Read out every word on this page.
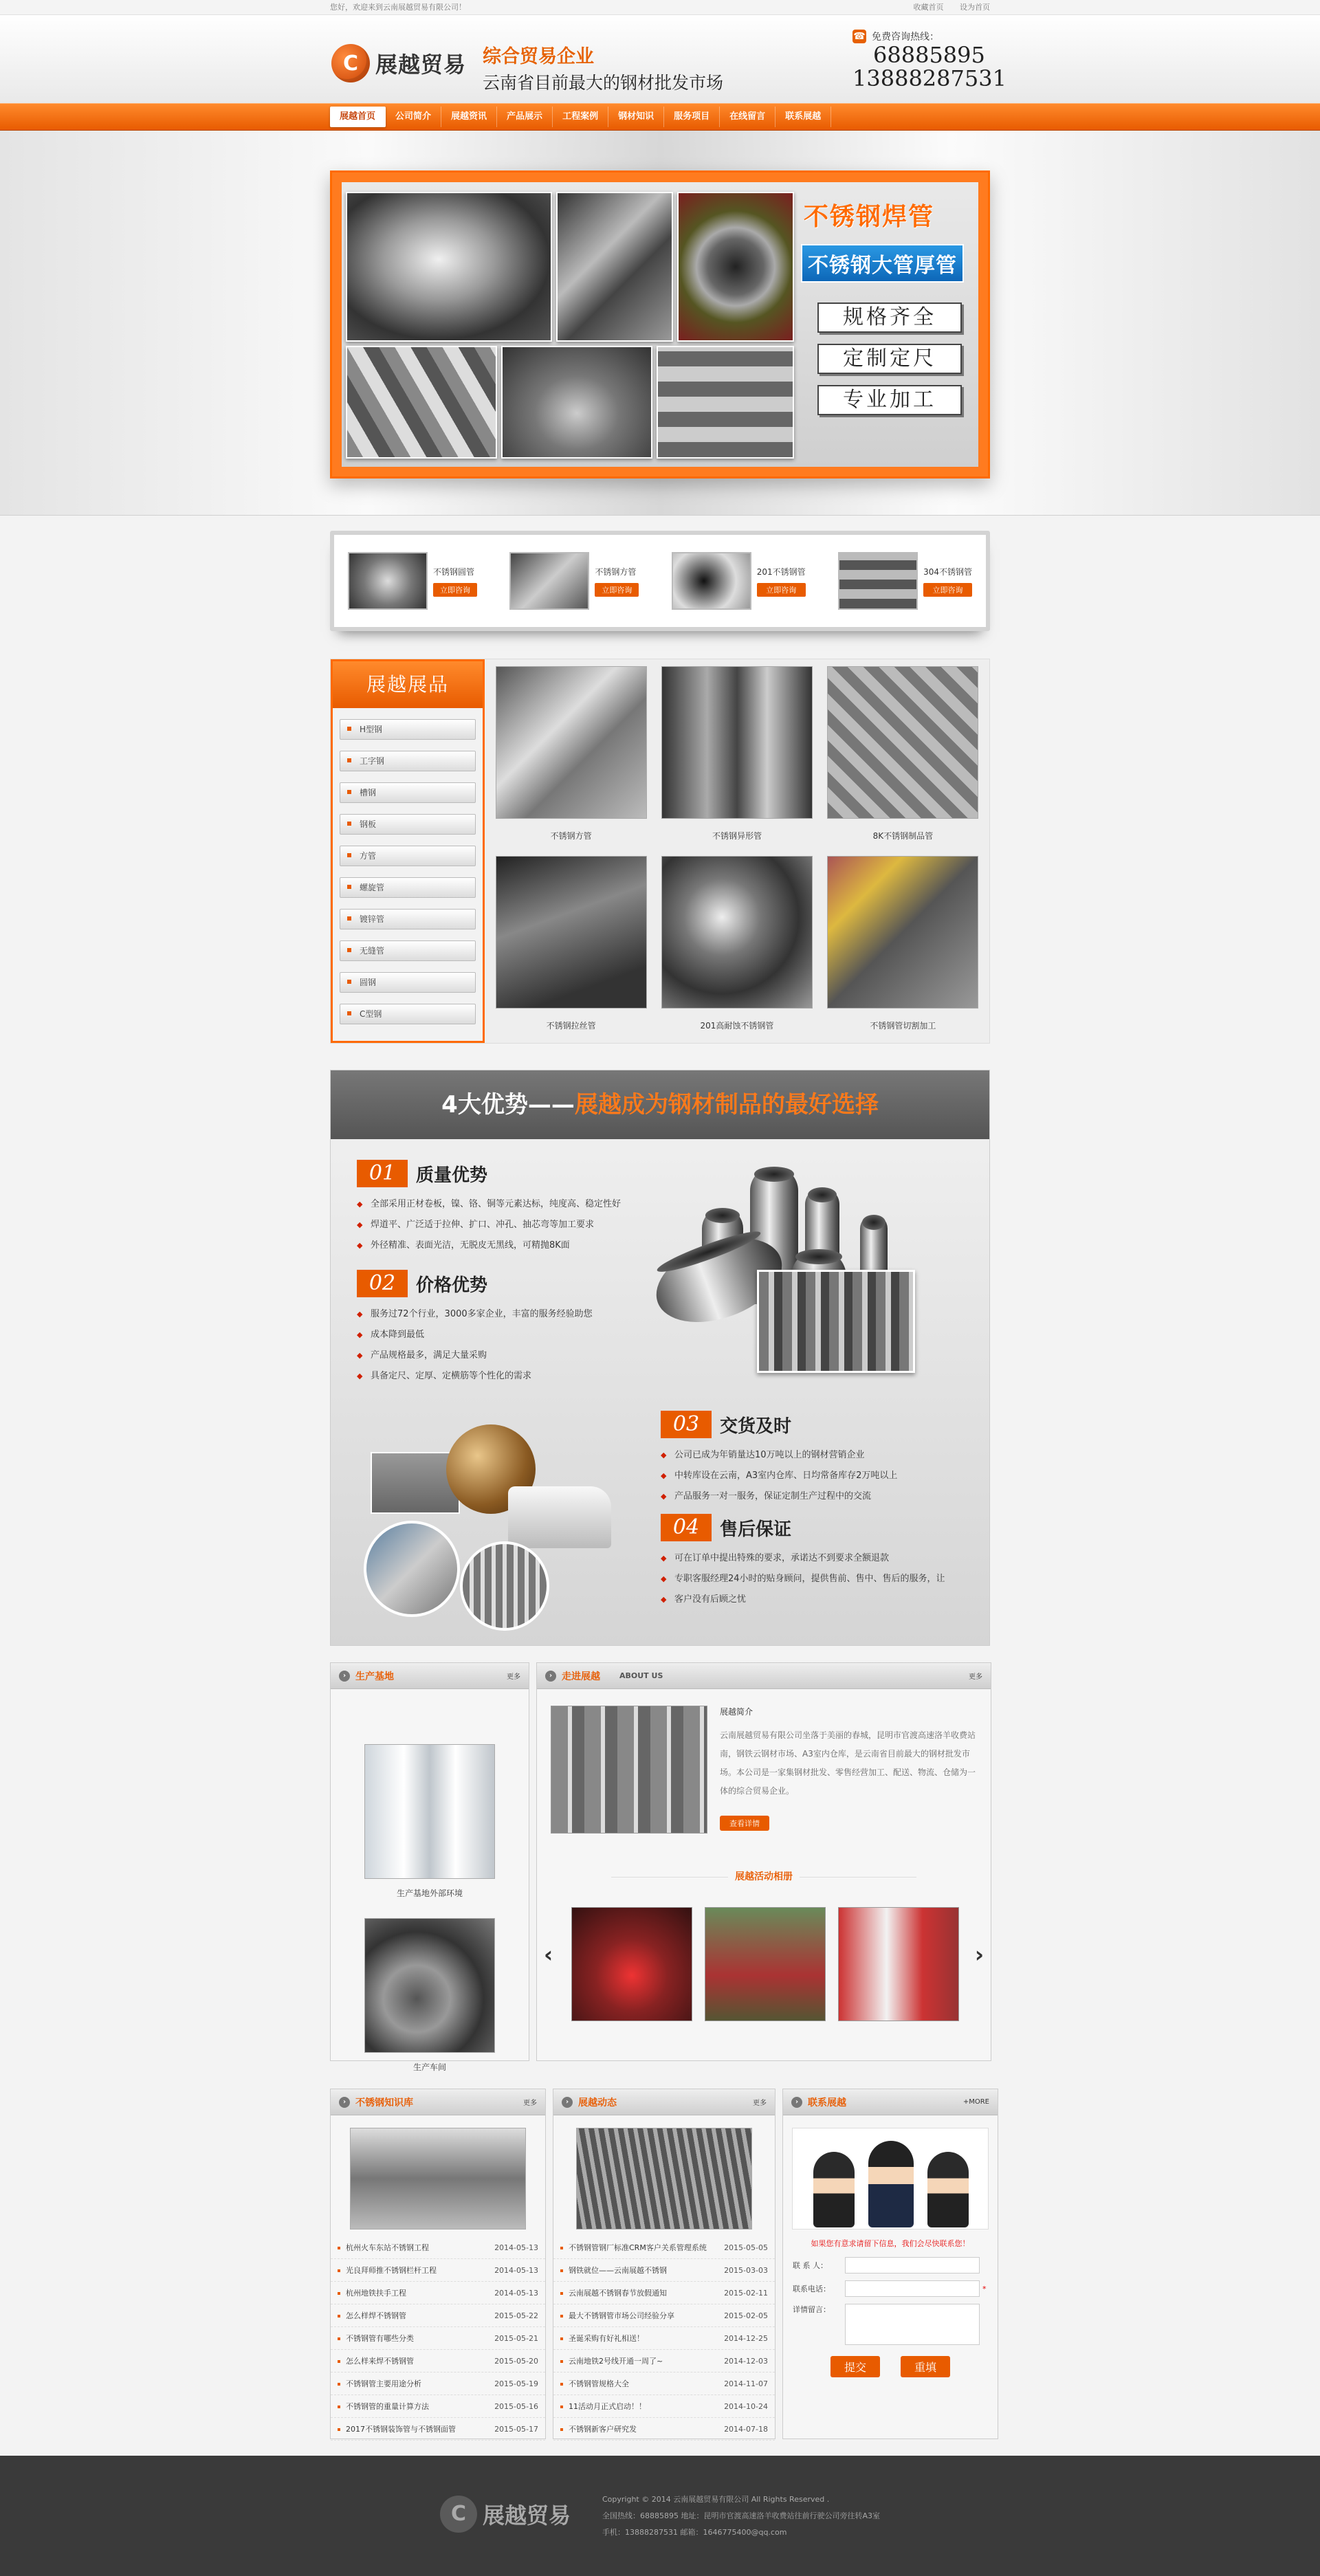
您好，欢迎来到云南展越贸易有限公司！	收藏首页 设为首页
C 展越贸易 综合贸易企业
云南省目前最大的钢材批发市场
☎ 免费咨询热线：
68885895
13888287531
展越首页	公司简介	展越资讯	产品展示	工程案例	钢材知识	服务项目	在线留言	联系展越
不锈钢焊管
不锈钢大管厚管
规格齐全
定制定尺
专业加工
不锈钢圆管
立即咨询
不锈钢方管
立即咨询
201不锈钢管
立即咨询
304不锈钢管
立即咨询
展越展品
H型钢
工字钢
槽钢
钢板
方管
螺旋管
镀锌管
无缝管
圆钢
C型钢
不锈钢方管	不锈钢异形管	8K不锈钢制品管
不锈钢拉丝管	201高耐蚀不锈钢管	不锈钢管切割加工
4大优势——展越成为钢材制品的最好选择
01	质量优势
◆ 全部采用正材卷板，镍、铬、铜等元素达标，纯度高、稳定性好
◆ 焊道平、广泛适于拉伸、扩口、冲孔、抽芯弯等加工要求
◆ 外径精准、表面光洁，无脱皮无黑线，可精抛8K面
02	价格优势
◆ 服务过72个行业，3000多家企业，丰富的服务经验助您
◆ 成本降到最低
◆ 产品规格最多，满足大量采购
◆ 具备定尺、定厚、定横筋等个性化的需求
03	交货及时
◆ 公司已成为年销量达10万吨以上的钢材营销企业
◆ 中转库设在云南，A3室内仓库、日均常备库存2万吨以上
◆ 产品服务一对一服务，保证定制生产过程中的交流
04	售后保证
◆ 可在订单中提出特殊的要求，承诺达不到要求全额退款
◆ 专职客服经理24小时的贴身顾问，提供售前、售中、售后的服务，让
◆ 客户没有后顾之忧
› 生产基地	更多
生产基地外部环境
生产车间
› 走进展越	ABOUT US	更多
展越简介
云南展越贸易有限公司坐落于美丽的春城，昆明市官渡高速洛羊收费站南，钢铁云钢材市场、A3室内仓库，是云南省目前最大的钢材批发市场。本公司是一家集钢材批发、零售经营加工、配送、物流、仓储为一体的综合贸易企业。
查看详情
展越活动相册
‹	›
› 不锈钢知识库	更多
杭州火车东站不锈钢工程	2014-05-13
光良拜师推不锈钢栏杆工程	2014-05-13
杭州地铁扶手工程	2014-05-13
怎么样焊不锈钢管	2015-05-22
不锈钢管有哪些分类	2015-05-21
怎么样来焊不锈钢管	2015-05-20
不锈钢管主要用途分析	2015-05-19
不锈钢管的重量计算方法	2015-05-16
2017不锈钢装饰管与不锈钢面管	2015-05-17
› 展越动态	更多
不锈钢管钢厂标准CRM客户关系管理系统 2015-05-05
钢铁就位——云南展越不锈钢	2015-03-03
云南展越不锈钢春节放假通知	2015-02-11
最大不锈钢管市场公司经验分享	2015-02-05
圣诞采购有好礼相送！	2014-12-25
云南地铁2号线开通一周了~	2014-12-03
不锈钢管规格大全	2014-11-07
11活动月正式启动！！	2014-10-24
不锈钢新客户研究发	2014-07-18
› 联系展越	+MORE
如果您有意求请留下信息，我们会尽快联系您！
联 系 人：
联系电话：	*
详情留言：
提交	重填
C 展越贸易
Copyright © 2014 云南展越贸易有限公司 All Rights Reserved .
全国热线：68885895 地址：昆明市官渡高速洛羊收费站往前行驶公司旁往转A3室
手机：13888287531 邮箱：1646775400@qq.com
